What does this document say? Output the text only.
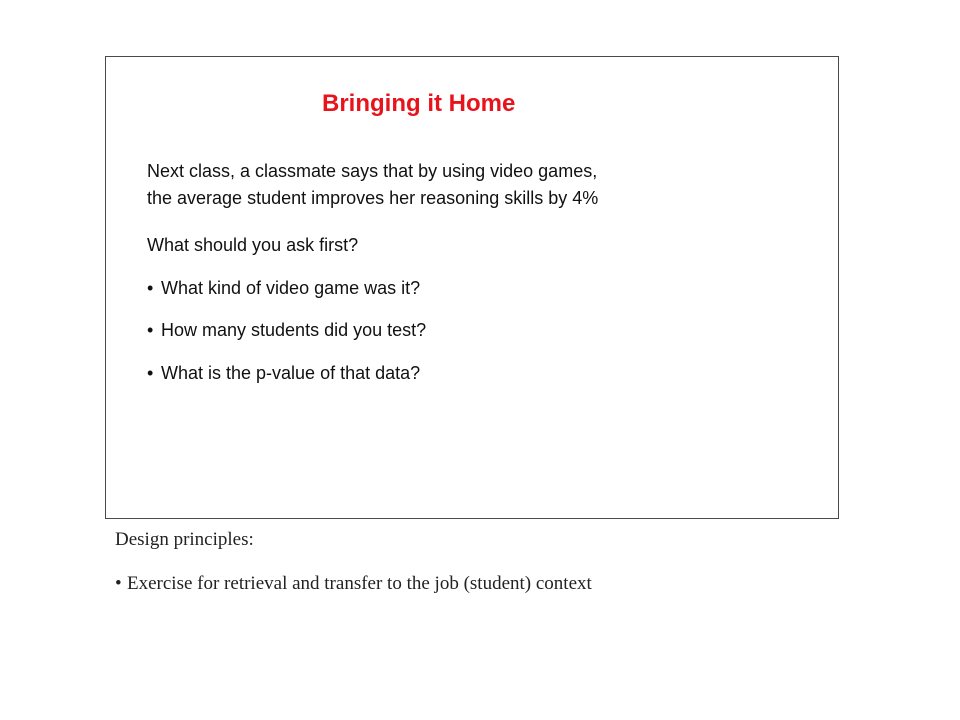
Bringing it Home
Next class, a classmate says that by using video games,
the average student improves her reasoning skills by 4%
What should you ask first?
• What kind of video game was it?
• How many students did you test?
• What is the p-value of that data?
Design principles:
• Exercise for retrieval and transfer to the job (student) context
